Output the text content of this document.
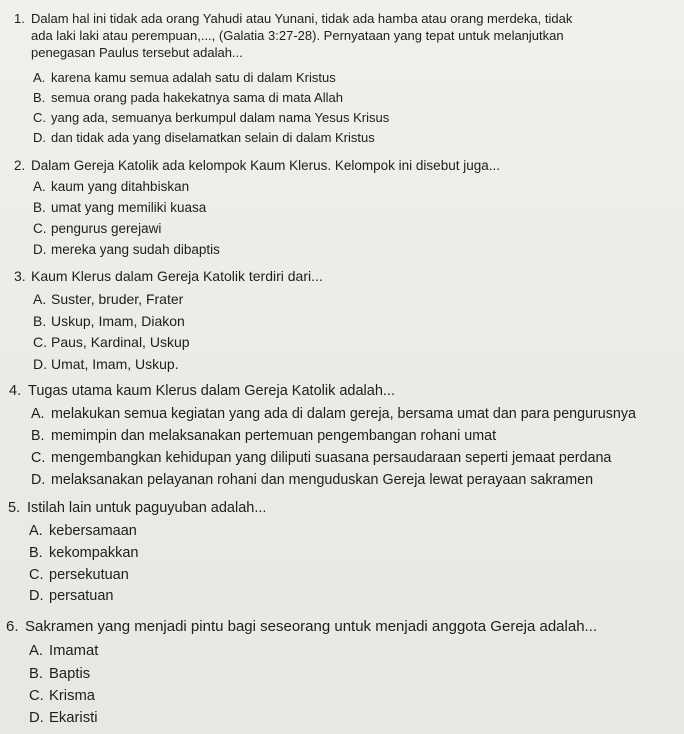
1. Dalam hal ini tidak ada orang Yahudi atau Yunani, tidak ada hamba atau orang merdeka, tidak
ada laki laki atau perempuan,..., (Galatia 3:27-28). Pernyataan yang tepat untuk melanjutkan
penegasan Paulus tersebut adalah...
A. karena kamu semua adalah satu di dalam Kristus
B. semua orang pada hakekatnya sama di mata Allah
C. yang ada, semuanya berkumpul dalam nama Yesus Krisus
D. dan tidak ada yang diselamatkan selain di dalam Kristus
2. Dalam Gereja Katolik ada kelompok Kaum Klerus. Kelompok ini disebut juga...
A. kaum yang ditahbiskan
B. umat yang memiliki kuasa
C. pengurus gerejawi
D. mereka yang sudah dibaptis
3. Kaum Klerus dalam Gereja Katolik terdiri dari...
A. Suster, bruder, Frater
B. Uskup, Imam, Diakon
C. Paus, Kardinal, Uskup
D. Umat, Imam, Uskup.
4. Tugas utama kaum Klerus dalam Gereja Katolik adalah...
A. melakukan semua kegiatan yang ada di dalam gereja, bersama umat dan para pengurusnya
B. memimpin dan melaksanakan pertemuan pengembangan rohani umat
C. mengembangkan kehidupan yang diliputi suasana persaudaraan seperti jemaat perdana
D. melaksanakan pelayanan rohani dan menguduskan Gereja lewat perayaan sakramen
5. Istilah lain untuk paguyuban adalah...
A. kebersamaan
B. kekompakkan
C. persekutuan
D. persatuan
6. Sakramen yang menjadi pintu bagi seseorang untuk menjadi anggota Gereja adalah...
A. Imamat
B. Baptis
C. Krisma
D. Ekaristi
